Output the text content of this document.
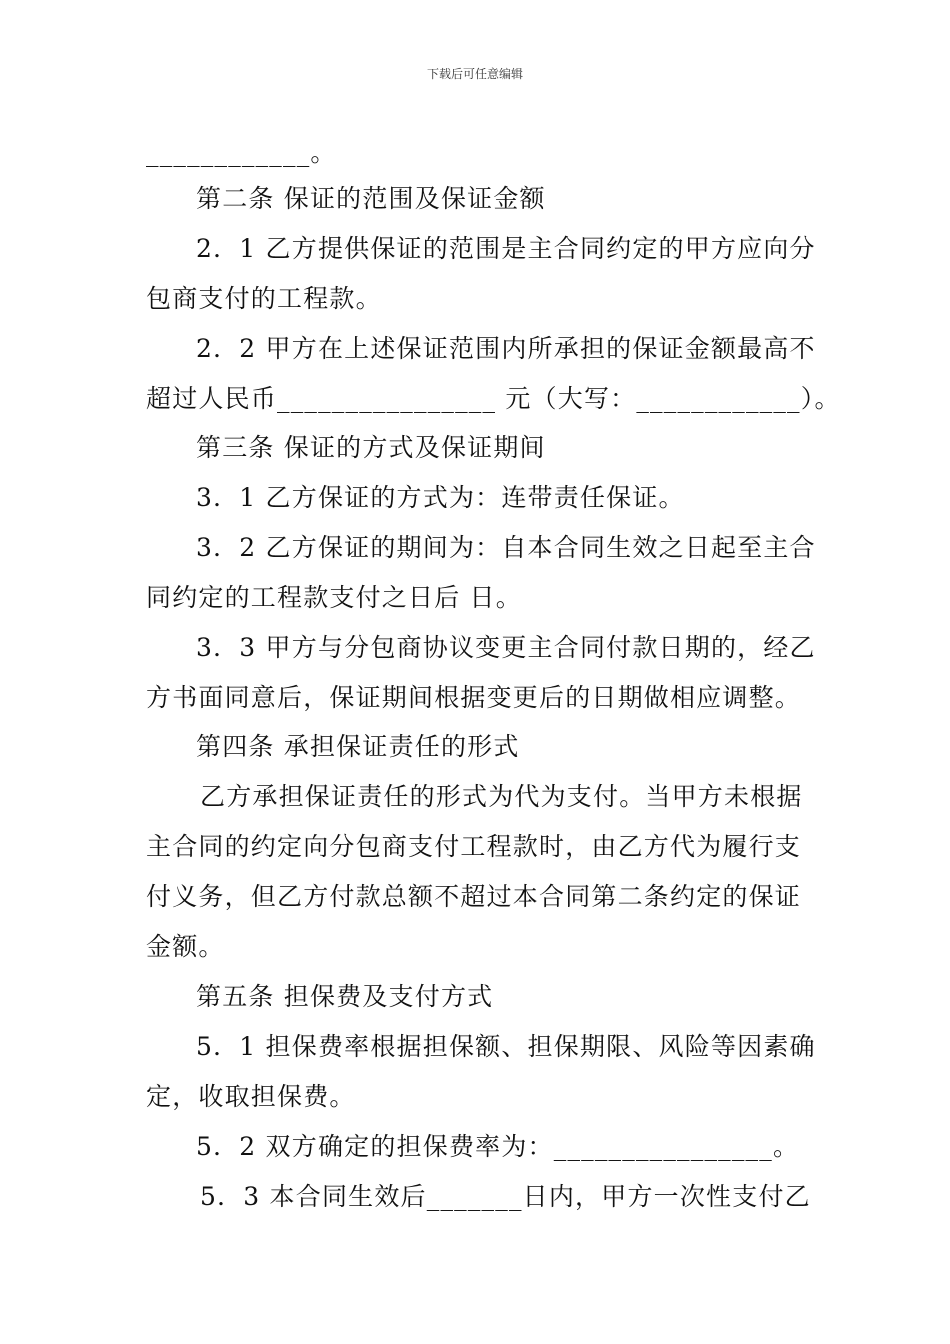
下载后可任意编辑
____________。
第二条 保证的范围及保证金额
2．1 乙方提供保证的范围是主合同约定的甲方应向分
包商支付的工程款。
2．2 甲方在上述保证范围内所承担的保证金额最高不
超过人民币________________ 元（大写：____________）。
第三条 保证的方式及保证期间
3．1 乙方保证的方式为：连带责任保证。
3．2 乙方保证的期间为：自本合同生效之日起至主合
同约定的工程款支付之日后 日。
3．3 甲方与分包商协议变更主合同付款日期的，经乙
方书面同意后，保证期间根据变更后的日期做相应调整。
第四条 承担保证责任的形式
乙方承担保证责任的形式为代为支付。当甲方未根据
主合同的约定向分包商支付工程款时，由乙方代为履行支
付义务，但乙方付款总额不超过本合同第二条约定的保证
金额。
第五条 担保费及支付方式
5．1 担保费率根据担保额、担保期限、风险等因素确
定，收取担保费。
5．2 双方确定的担保费率为：________________。
5．3 本合同生效后_______日内，甲方一次性支付乙
